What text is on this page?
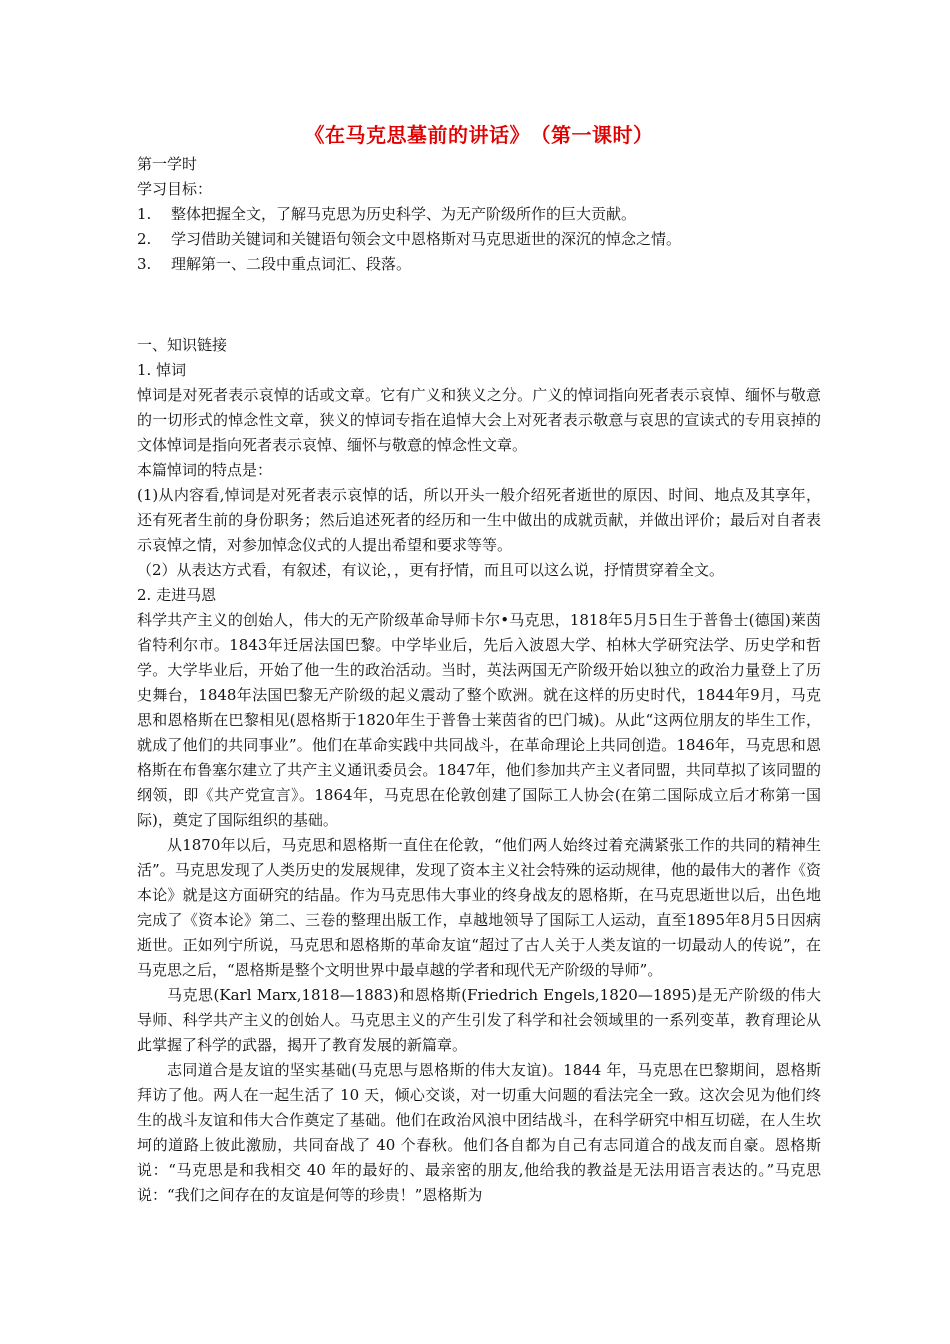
《在马克思墓前的讲话》　（第一课时）

第一学时

学习目标：

1. 整体把握全文，了解马克思为历史科学、为无产阶级所作的巨大贡献。
2. 学习借助关键词和关键语句领会文中恩格斯对马克思逝世的深沉的悼念之情。
3. 理解第一、二段中重点词汇、段落。

一、知识链接

1. 悼词

悼词是对死者表示哀悼的话或文章。它有广义和狭义之分。广义的悼词指向死者表示哀悼、缅怀与敬意的一切形式的悼念性文章，狭义的悼词专指在追悼大会上对死者表示敬意与哀思的宣读式的专用哀掉的文体悼词是指向死者表示哀悼、缅怀与敬意的悼念性文章。

本篇悼词的特点是：

(1)从内容看,悼词是对死者表示哀悼的话，所以开头一般介绍死者逝世的原因、时间、地点及其享年，还有死者生前的身份职务；然后追述死者的经历和一生中做出的成就贡献，并做出评价；最后对自者表示哀悼之情，对参加悼念仪式的人提出希望和要求等等。

（2）从表达方式看，有叙述，有议论，，更有抒情，而且可以这么说，抒情贯穿着全文。

2. 走进马恩

科学共产主义的创始人，伟大的无产阶级革命导师卡尔•马克思，1818年5月5日生于普鲁士(德国)莱茵省特利尔市。1843年迁居法国巴黎。中学毕业后，先后入波恩大学、柏林大学研究法学、历史学和哲学。大学毕业后，开始了他一生的政治活动。当时，英法两国无产阶级开始以独立的政治力量登上了历史舞台，1848年法国巴黎无产阶级的起义震动了整个欧洲。就在这样的历史时代，1844年9月，马克思和恩格斯在巴黎相见(恩格斯于1820年生于普鲁士莱茵省的巴门城)。从此“这两位朋友的毕生工作，就成了他们的共同事业”。他们在革命实践中共同战斗，在革命理论上共同创造。1846年，马克思和恩格斯在布鲁塞尔建立了共产主义通讯委员会。1847年，他们参加共产主义者同盟，共同草拟了该同盟的纲领，即《共产党宣言》。1864年，马克思在伦敦创建了国际工人协会(在第二国际成立后才称第一国际)，奠定了国际组织的基础。

从1870年以后，马克思和恩格斯一直住在伦敦，“他们两人始终过着充满紧张工作的共同的精神生活”。马克思发现了人类历史的发展规律，发现了资本主义社会特殊的运动规律，他的最伟大的著作《资本论》就是这方面研究的结晶。作为马克思伟大事业的终身战友的恩格斯，在马克思逝世以后，出色地完成了《资本论》第二、三卷的整理出版工作，卓越地领导了国际工人运动，直至1895年8月5日因病逝世。正如列宁所说，马克思和恩格斯的革命友谊“超过了古人关于人类友谊的一切最动人的传说”，在马克思之后，“恩格斯是整个文明世界中最卓越的学者和现代无产阶级的导师”。

马克思(Karl Marx,1818—1883)和恩格斯(Friedrich Engels,1820—1895)是无产阶级的伟大导师、科学共产主义的创始人。马克思主义的产生引发了科学和社会领域里的一系列变革，教育理论从此掌握了科学的武器，揭开了教育发展的新篇章。

志同道合是友谊的坚实基础(马克思与恩格斯的伟大友谊)。1844 年，马克思在巴黎期间，恩格斯拜访了他。两人在一起生活了 10 天，倾心交谈，对一切重大问题的看法完全一致。这次会见为他们终生的战斗友谊和伟大合作奠定了基础。他们在政治风浪中团结战斗，在科学研究中相互切磋，在人生坎坷的道路上彼此激励，共同奋战了 40 个春秋。他们各自都为自己有志同道合的战友而自豪。恩格斯说：“马克思是和我相交 40 年的最好的、最亲密的朋友,他给我的教益是无法用语言表达的。”马克思说：“我们之间存在的友谊是何等的珍贵！”恩格斯为
